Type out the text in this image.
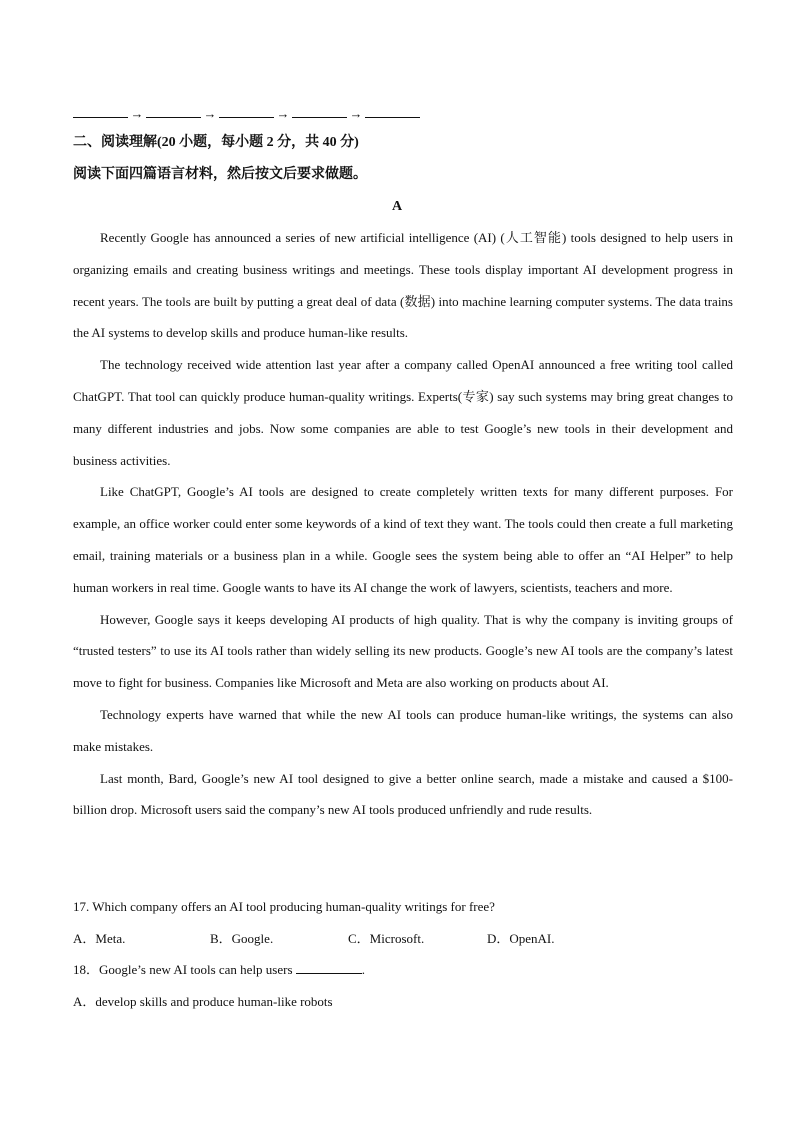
→	→	→	→
二、阅读理解(20 小题，每小题 2 分，共 40 分)
阅读下面四篇语言材料，然后按文后要求做题。
A

Recently Google has announced a series of new artificial intelligence (AI) (人工智能) tools designed to help users in organizing emails and creating business writings and meetings. These tools display important AI development progress in recent years. The tools are built by putting a great deal of data (数据) into machine learning computer systems. The data trains the AI systems to develop skills and produce human-like results.

The technology received wide attention last year after a company called OpenAI announced a free writing tool called ChatGPT. That tool can quickly produce human-quality writings. Experts(专家) say such systems may bring great changes to many different industries and jobs. Now some companies are able to test Google’s new tools in their development and business activities.

Like ChatGPT, Google’s AI tools are designed to create completely written texts for many different purposes. For example, an office worker could enter some keywords of a kind of text they want. The tools could then create a full marketing email, training materials or a business plan in a while. Google sees the system being able to offer an “AI Helper” to help human workers in real time. Google wants to have its AI change the work of lawyers, scientists, teachers and more.

However, Google says it keeps developing AI products of high quality. That is why the company is inviting groups of “trusted testers” to use its AI tools rather than widely selling its new products. Google’s new AI tools are the company’s latest move to fight for business. Companies like Microsoft and Meta are also working on products about AI.

Technology experts have warned that while the new AI tools can produce human-like writings, the systems can also make mistakes.

Last month, Bard, Google’s new AI tool designed to give a better online search, made a mistake and caused a $100-billion drop. Microsoft users said the company’s new AI tools produced unfriendly and rude results.

17. Which company offers an AI tool producing human-quality writings for free?
A．Meta.	B．Google.	C．Microsoft.	D．OpenAI.
18．Google’s new AI tools can help users	.
A．develop skills and produce human-like robots
